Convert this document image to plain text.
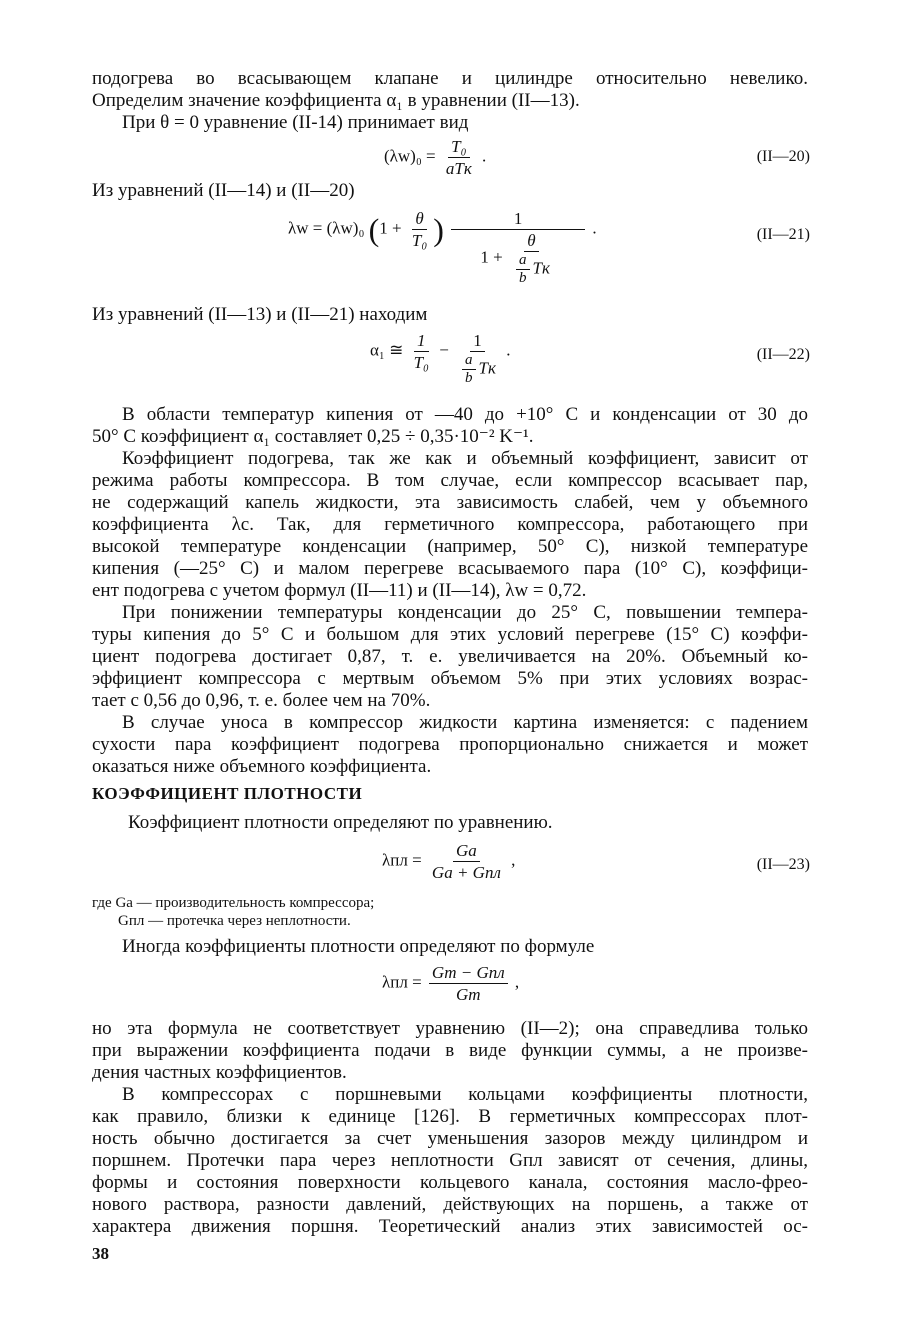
подогрева во всасывающем клапане и цилиндре относительно невелико.
Определим значение коэффициента α₁ в уравнении (II—13).
При θ = 0 уравнение (II-14) принимает вид
$(\lambda w)_0 = \frac{\text{T₀}}{\text{aTк}}$ .	(II—20)
Из уравнений (II—14) и (II—20)
λw = (λw)₀ ($1 + \frac{\theta}{\text{T₀}}$ )	1
$1 + \frac{\theta}{\frac{a}{b} Tк}$
.	(II—21)
Из уравнений (II—13) и (II—21) находим
α₁ ≅ $\frac{1}{\text{T₀}} - \frac{1}{\frac{a}{b} Tк}$ .	(II—22)
В области температур кипения от —40 до +10° С и конденсации от 30 до
50° С коэффициент α₁ составляет 0,25 ÷ 0,35·10⁻² K⁻¹.
Коэффициент подогрева, так же как и объемный коэффициент, зависит от
режима работы компрессора. В том случае, если компрессор всасывает пар,
не содержащий капель жидкости, эта зависимость слабей, чем у объемного
коэффициента λc. Так, для герметичного компрессора, работающего при
высокой температуре конденсации (например, 50° С), низкой температуре
кипения (—25° С) и малом перегреве всасываемого пара (10° С), коэффици-
ент подогрева с учетом формул (II—11) и (II—14), λw = 0,72.
При понижении температуры конденсации до 25° С, повышении темпера-
туры кипения до 5° С и большом для этих условий перегреве (15° С) коэффи-
циент подогрева достигает 0,87, т. е. увеличивается на 20%. Объемный ко-
эффициент компрессора с мертвым объемом 5% при этих условиях возрас-
тает с 0,56 до 0,96, т. е. более чем на 70%.
В случае уноса в компрессор жидкости картина изменяется: с падением
сухости пара коэффициент подогрева пропорционально снижается и может
оказаться ниже объемного коэффициента.
КОЭФФИЦИЕНТ ПЛОТНОСТИ
Коэффициент плотности определяют по уравнению.
$\lambda пл = \frac{Gа}{\text{Gа + Gпл}}$ ,	(II—23)
где Gа — производительность компрессора;
Gпл — протечка через неплотности.
Иногда коэффициенты плотности определяют по формуле
$\lambda пл = \frac{\text{Gт − Gпл}}{Gт}$ ,
но эта формула не соответствует уравнению (II—2); она справедлива только
при выражении коэффициента подачи в виде функции суммы, а не произве-
дения частных коэффициентов.
В компрессорах с поршневыми кольцами коэффициенты плотности,
как правило, близки к единице [126]. В герметичных компрессорах плот-
ность обычно достигается за счет уменьшения зазоров между цилиндром и
поршнем. Протечки пара через неплотности Gпл зависят от сечения, длины,
формы и состояния поверхности кольцевого канала, состояния масло-фрео-
нового раствора, разности давлений, действующих на поршень, а также от
характера движения поршня. Теоретический анализ этих зависимостей ос-
38
